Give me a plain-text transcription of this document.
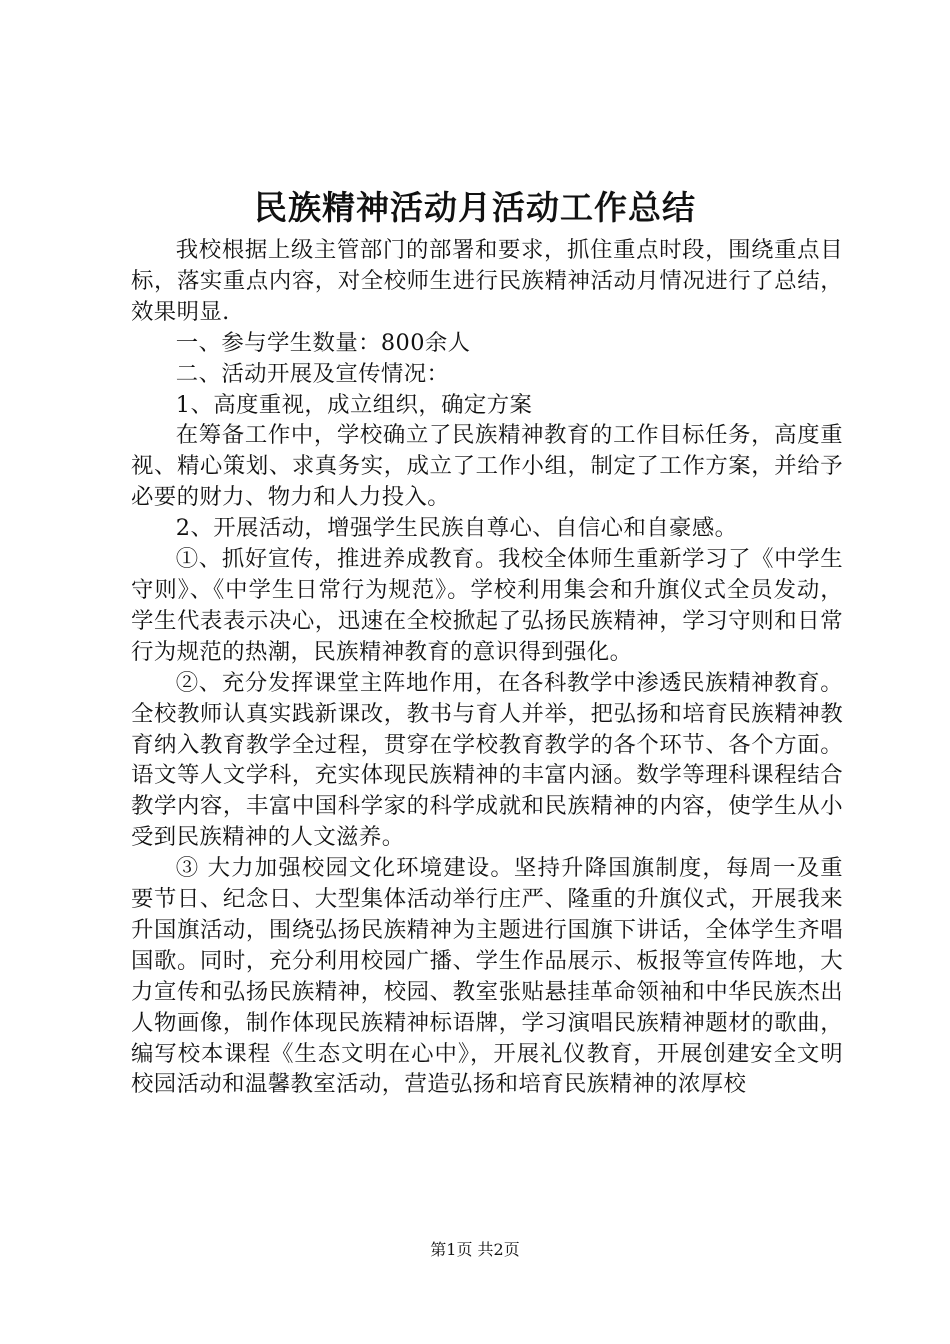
民族精神活动月活动工作总结

我校根据上级主管部门的部署和要求，抓住重点时段，围绕重点目标，落实重点内容，对全校师生进行民族精神活动月情况进行了总结，效果明显.

一、参与学生数量：800余人

二、活动开展及宣传情况：

1、高度重视，成立组织，确定方案

在筹备工作中，学校确立了民族精神教育的工作目标任务，高度重视、精心策划、求真务实，成立了工作小组，制定了工作方案，并给予必要的财力、物力和人力投入。

2、开展活动，增强学生民族自尊心、自信心和自豪感。

①、抓好宣传，推进养成教育。我校全体师生重新学习了《中学生守则》、《中学生日常行为规范》。学校利用集会和升旗仪式全员发动，学生代表表示决心，迅速在全校掀起了弘扬民族精神，学习守则和日常行为规范的热潮，民族精神教育的意识得到强化。

②、充分发挥课堂主阵地作用，在各科教学中渗透民族精神教育。全校教师认真实践新课改，教书与育人并举，把弘扬和培育民族精神教育纳入教育教学全过程，贯穿在学校教育教学的各个环节、各个方面。语文等人文学科，充实体现民族精神的丰富内涵。数学等理科课程结合教学内容，丰富中国科学家的科学成就和民族精神的内容，使学生从小受到民族精神的人文滋养。

③ 大力加强校园文化环境建设。坚持升降国旗制度，每周一及重要节日、纪念日、大型集体活动举行庄严、隆重的升旗仪式，开展我来升国旗活动，围绕弘扬民族精神为主题进行国旗下讲话，全体学生齐唱国歌。同时，充分利用校园广播、学生作品展示、板报等宣传阵地，大力宣传和弘扬民族精神，校园、教室张贴悬挂革命领袖和中华民族杰出人物画像，制作体现民族精神标语牌，学习演唱民族精神题材的歌曲，编写校本课程《生态文明在心中》，开展礼仪教育，开展创建安全文明校园活动和温馨教室活动，营造弘扬和培育民族精神的浓厚校

第1页 共2页
